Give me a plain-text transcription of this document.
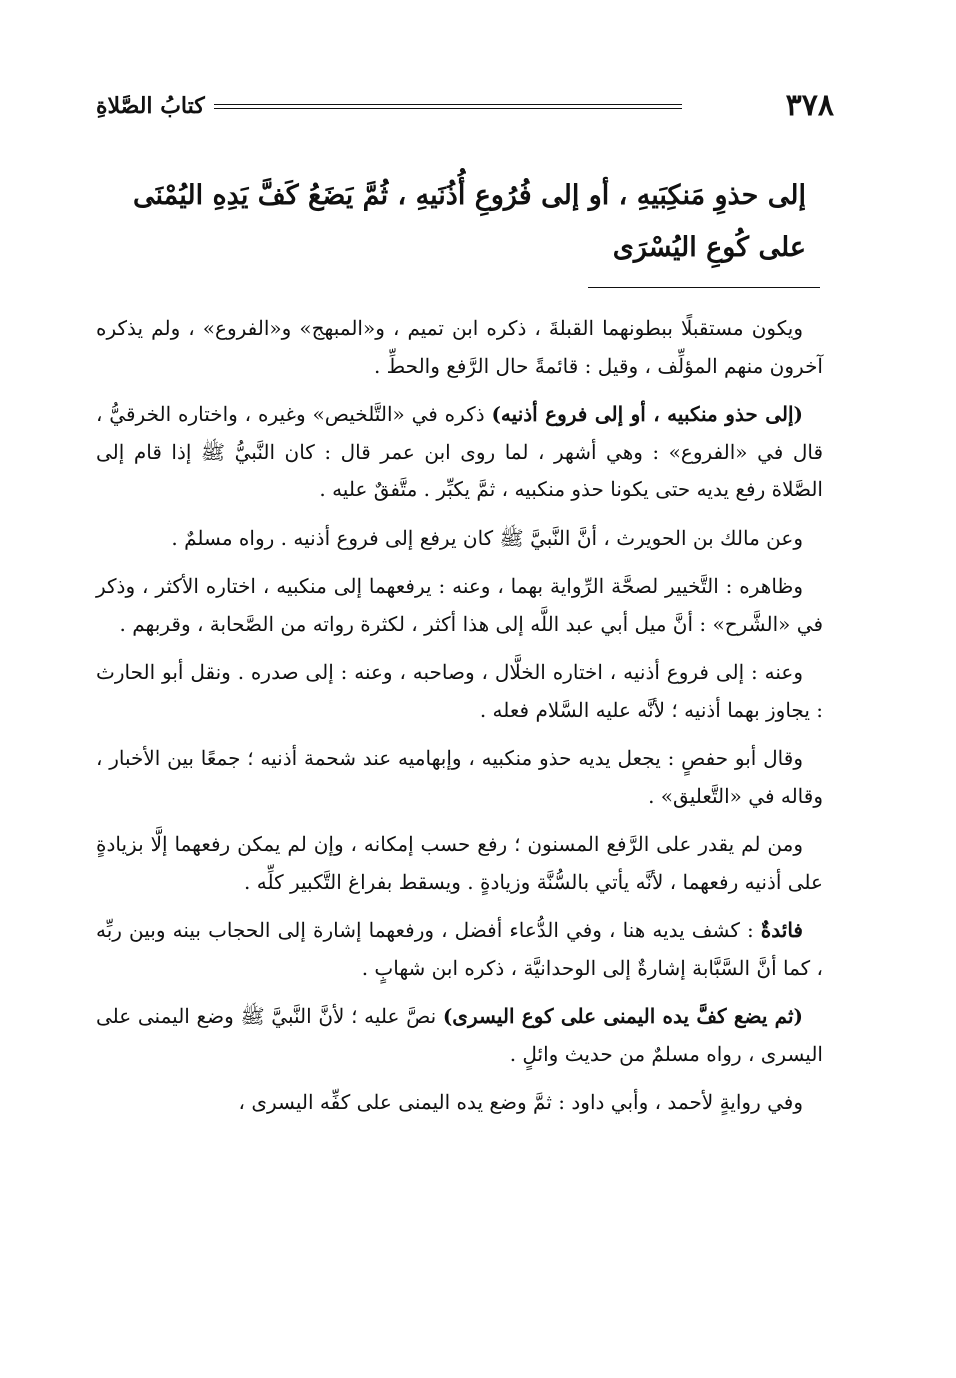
٣٧٨
كتابُ الصَّلاةِ
إلى حذوِ مَنكِبَيهِ ، أو إلى فُرُوعِ أُذُنَيهِ ، ثُمَّ يَضَعُ كَفَّ يَدِهِ اليُمْنَى على كُوعِ اليُسْرَى

ويكون مستقبلًا ببطونهما القبلةَ ، ذكره ابن تميم ، و«المبهج» و«الفروع» ، ولم يذكره آخرون منهم المؤلِّف ، وقيل : قائمةً حال الرَّفع والحطِّ .

(إلى حذو منكبيه ، أو إلى فروع أذنيه) ذكره في «التَّلخيص» وغيره ، واختاره الخرقيُّ ، قال في «الفروع» : وهي أشهر ، لما روى ابن عمر قال : كان النَّبيُّ ﷺ إذا قام إلى الصَّلاة رفع يديه حتى يكونا حذو منكبيه ، ثمَّ يكبِّر . متَّفقٌ عليه .

وعن مالك بن الحويرث ، أنَّ النَّبيَّ ﷺ كان يرفع إلى فروع أذنيه . رواه مسلمٌ .

وظاهره : التَّخيير لصحَّة الرِّواية بهما ، وعنه : يرفعهما إلى منكبيه ، اختاره الأكثر ، وذكر في «الشَّرح» : أنَّ ميل أبي عبد اللَّه إلى هذا أكثر ، لكثرة رواته من الصَّحابة ، وقربهم .

وعنه : إلى فروع أذنيه ، اختاره الخلَّال ، وصاحبه ، وعنه : إلى صدره . ونقل أبو الحارث : يجاوز بهما أذنيه ؛ لأنَّه عليه السَّلام فعله .

وقال أبو حفصٍ : يجعل يديه حذو منكبيه ، وإبهاميه عند شحمة أذنيه ؛ جمعًا بين الأخبار ، وقاله في «التَّعليق» .

ومن لم يقدر على الرَّفع المسنون ؛ رفع حسب إمكانه ، وإن لم يمكن رفعهما إلَّا بزيادةٍ على أذنيه رفعهما ، لأنَّه يأتي بالسُّنَّة وزيادةٍ . ويسقط بفراغ التَّكبير كلِّه .

فائدةٌ : كشف يديه هنا ، وفي الدُّعاء أفضل ، ورفعهما إشارة إلى الحجاب بينه وبين ربِّه ، كما أنَّ السَّبَّابة إشارةٌ إلى الوحدانيَّة ، ذكره ابن شهابٍ .

(ثم يضع كفَّ يده اليمنى على كوع اليسرى) نصَّ عليه ؛ لأنَّ النَّبيَّ ﷺ وضع اليمنى على اليسرى ، رواه مسلمٌ من حديث وائلٍ .

وفي روايةٍ لأحمد ، وأبي داود : ثمَّ وضع يده اليمنى على كفِّه اليسرى ،
